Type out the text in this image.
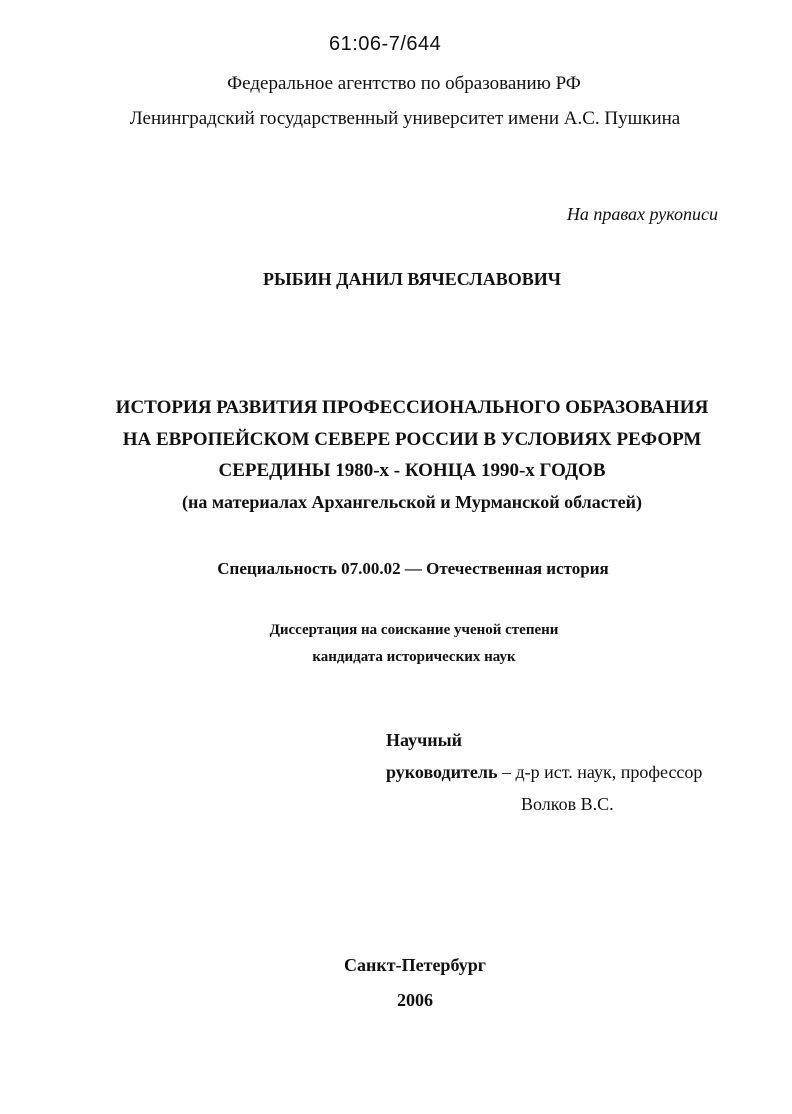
61:06-7/644
Федеральное агентство по образованию РФ
Ленинградский государственный университет имени А.С. Пушкина
На правах рукописи
РЫБИН ДАНИЛ ВЯЧЕСЛАВОВИЧ
ИСТОРИЯ РАЗВИТИЯ ПРОФЕССИОНАЛЬНОГО ОБРАЗОВАНИЯ
НА ЕВРОПЕЙСКОМ СЕВЕРЕ РОССИИ В УСЛОВИЯХ РЕФОРМ
СЕРЕДИНЫ 1980-х - КОНЦА 1990-х ГОДОВ
(на материалах Архангельской и Мурманской областей)
Специальность 07.00.02 — Отечественная история
Диссертация на соискание ученой степени
кандидата исторических наук
Научный
руководитель – д-р ист. наук, профессор
Волков В.С.
Санкт-Петербург
2006
